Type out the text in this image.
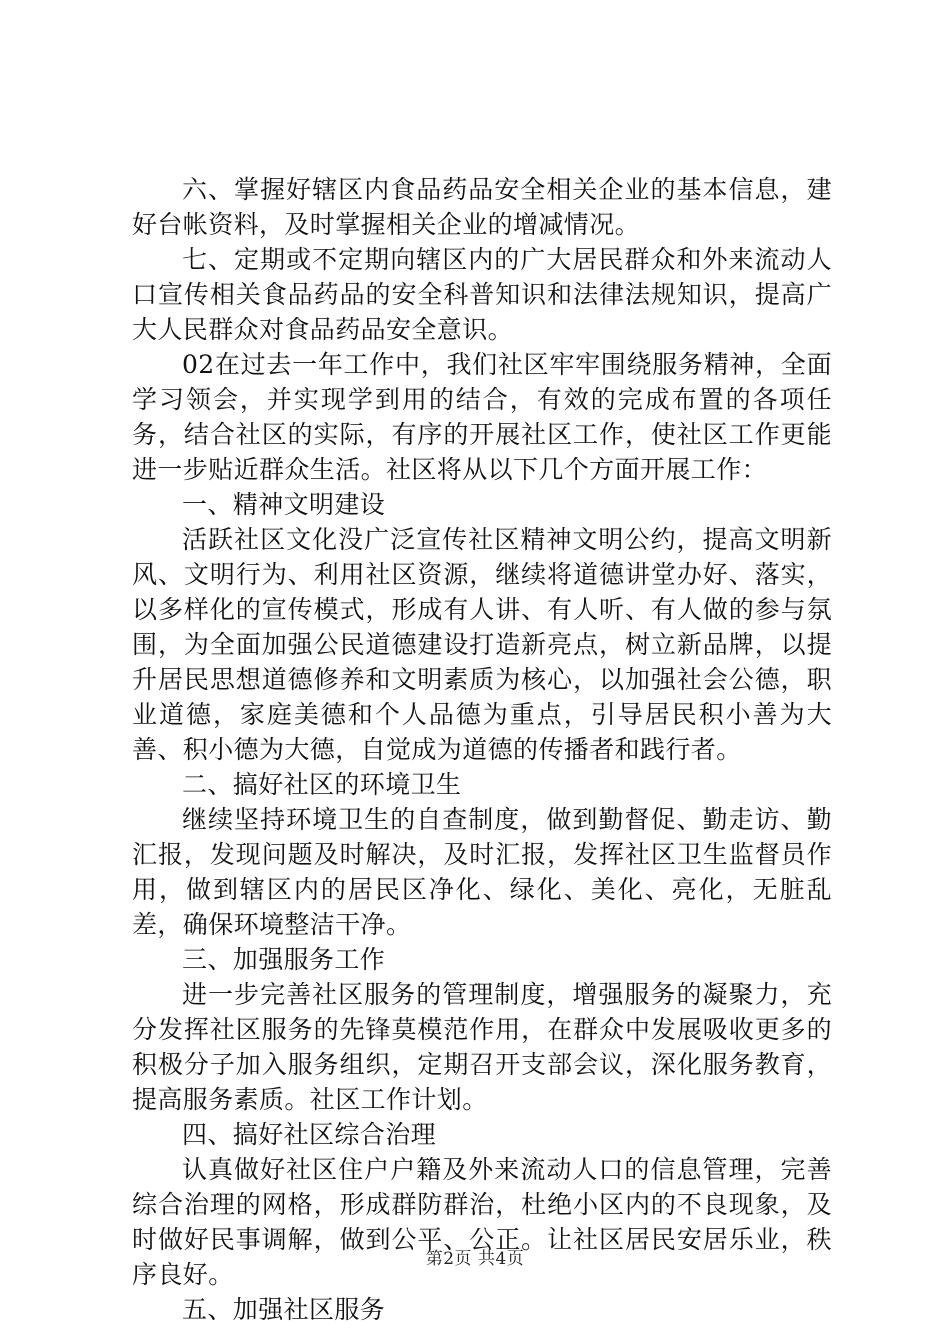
六、掌握好辖区内食品药品安全相关企业的基本信息，建好台帐资料，及时掌握相关企业的增减情况。

七、定期或不定期向辖区内的广大居民群众和外来流动人口宣传相关食品药品的安全科普知识和法律法规知识，提高广大人民群众对食品药品安全意识。

02在过去一年工作中，我们社区牢牢围绕服务精神，全面学习领会，并实现学到用的结合，有效的完成布置的各项任务，结合社区的实际，有序的开展社区工作，使社区工作更能进一步贴近群众生活。社区将从以下几个方面开展工作：

一、精神文明建设

活跃社区文化没广泛宣传社区精神文明公约，提高文明新风、文明行为、利用社区资源，继续将道德讲堂办好、落实，以多样化的宣传模式，形成有人讲、有人听、有人做的参与氛围，为全面加强公民道德建设打造新亮点，树立新品牌，以提升居民思想道德修养和文明素质为核心，以加强社会公德，职业道德，家庭美德和个人品德为重点，引导居民积小善为大善、积小德为大德，自觉成为道德的传播者和践行者。

二、搞好社区的环境卫生

继续坚持环境卫生的自查制度，做到勤督促、勤走访、勤汇报，发现问题及时解决，及时汇报，发挥社区卫生监督员作用，做到辖区内的居民区净化、绿化、美化、亮化，无脏乱差，确保环境整洁干净。

三、加强服务工作

进一步完善社区服务的管理制度，增强服务的凝聚力，充分发挥社区服务的先锋莫模范作用，在群众中发展吸收更多的积极分子加入服务组织，定期召开支部会议，深化服务教育，提高服务素质。社区工作计划。

四、搞好社区综合治理

认真做好社区住户户籍及外来流动人口的信息管理，完善综合治理的网格，形成群防群治，杜绝小区内的不良现象，及时做好民事调解，做到公平、公正。让社区居民安居乐业，秩序良好。

五、加强社区服务

第2页 共4页
